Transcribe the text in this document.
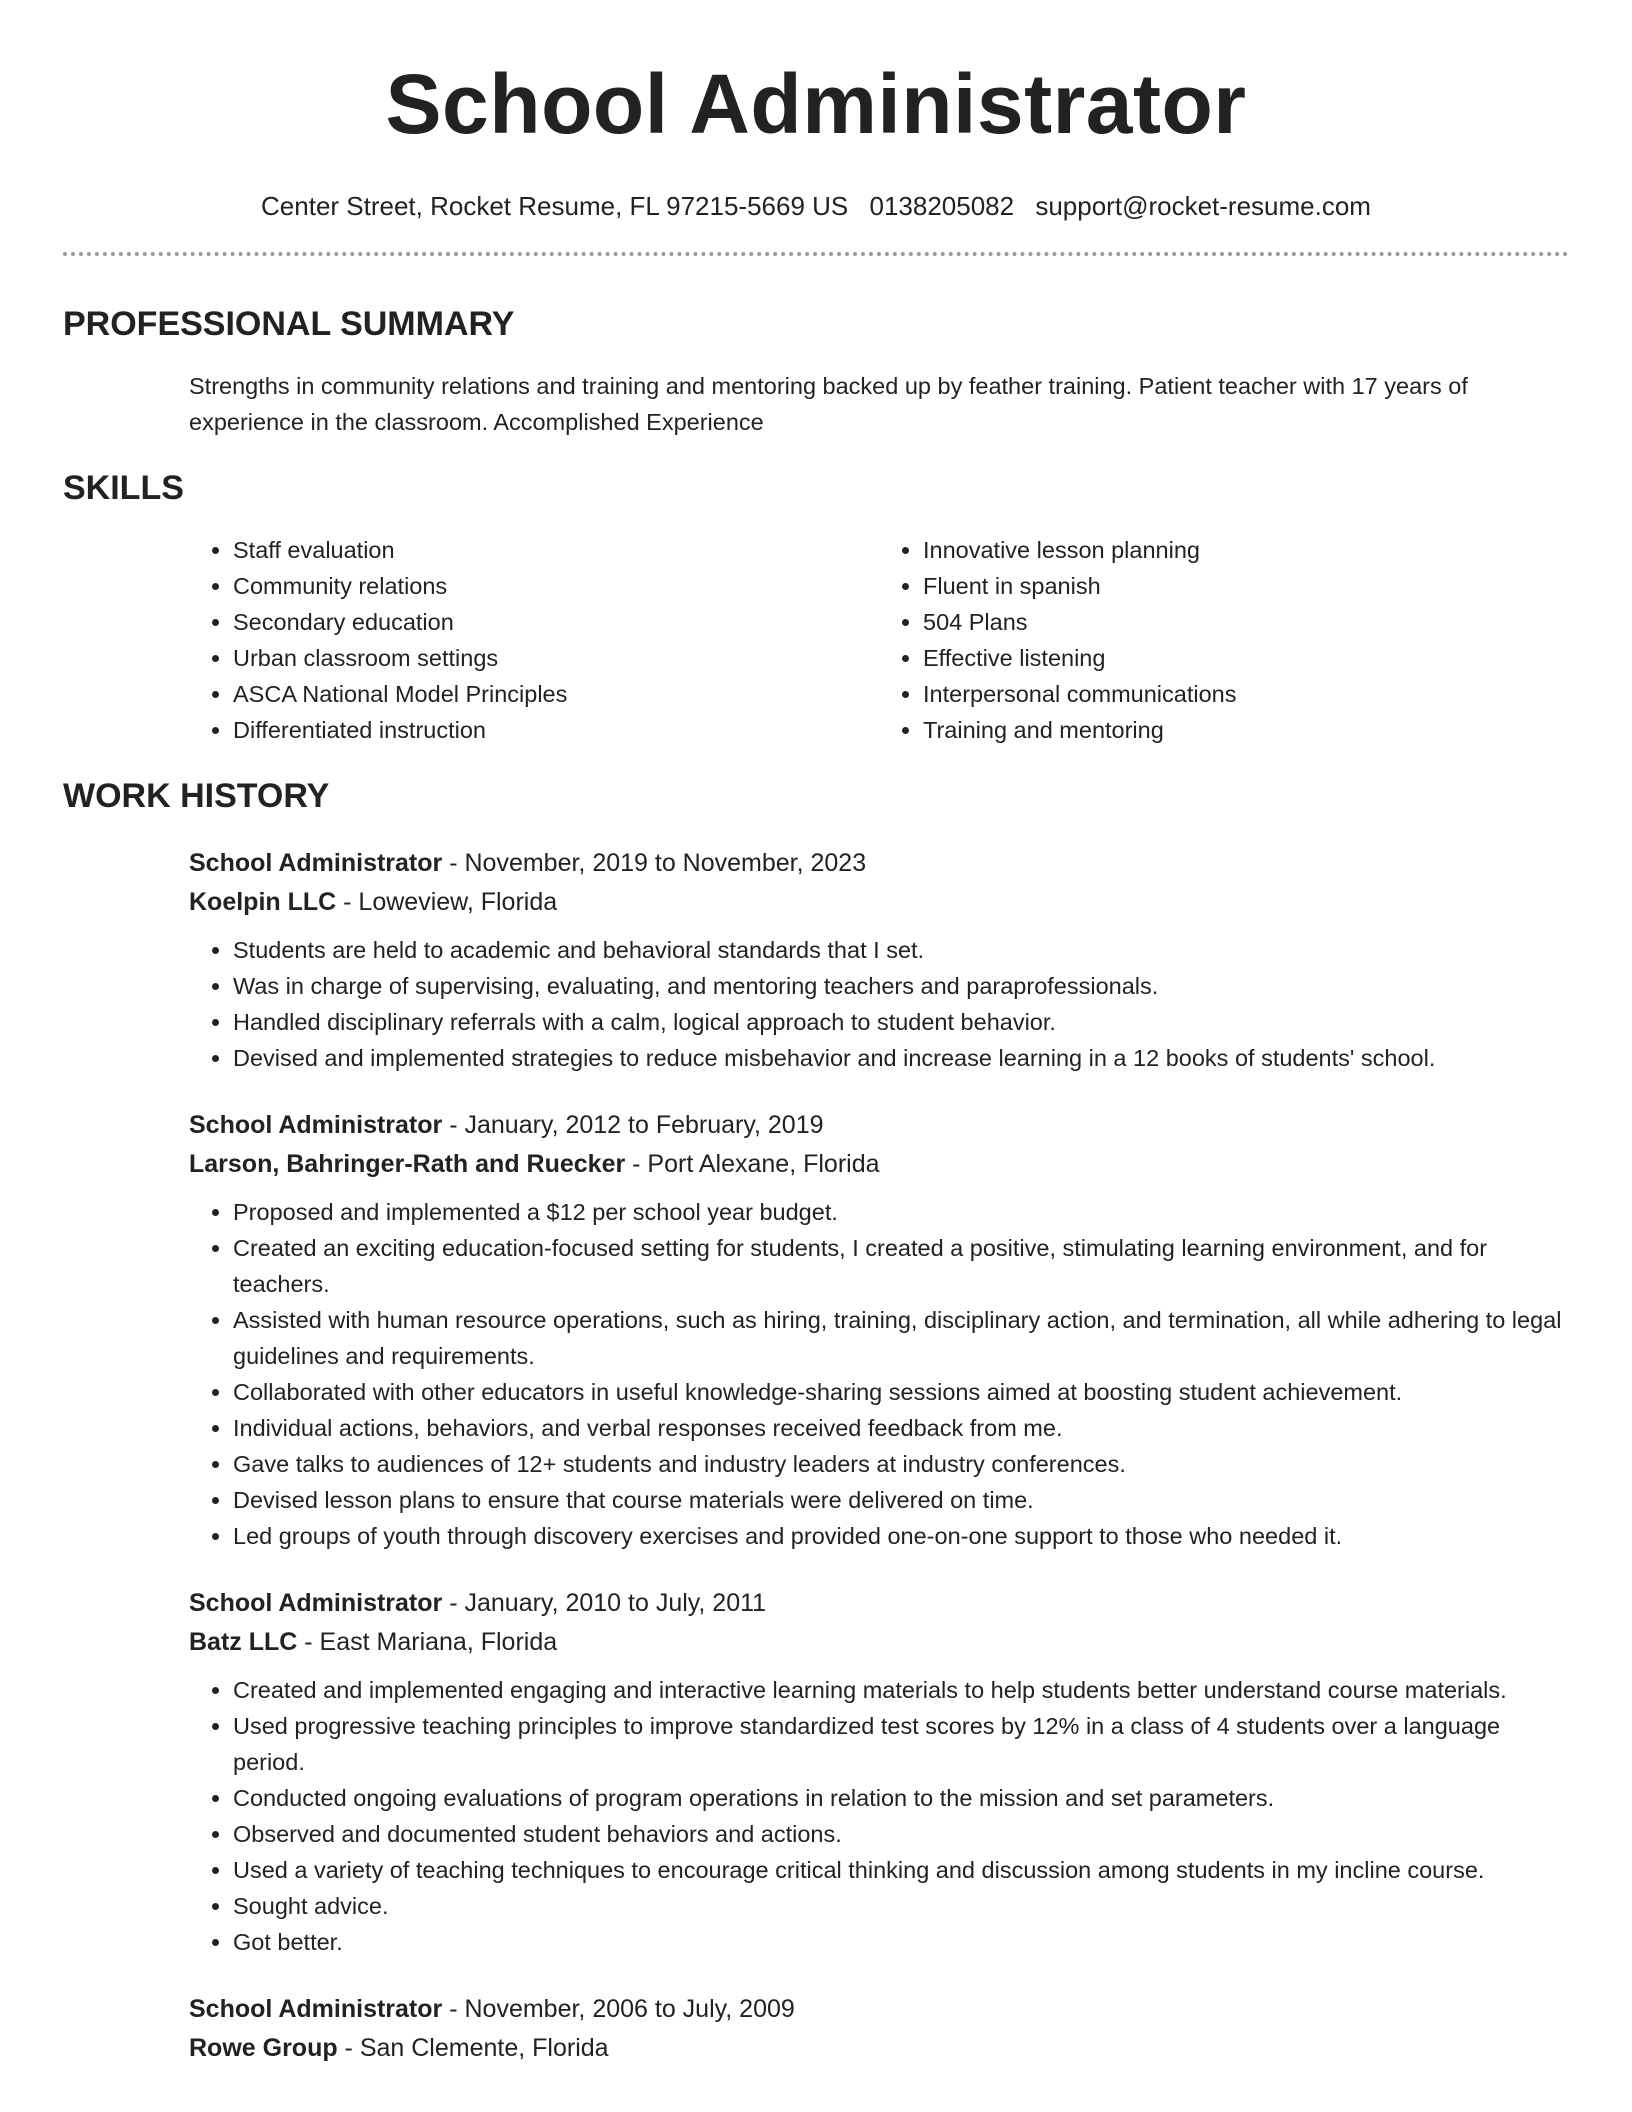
School Administrator
Center Street, Rocket Resume, FL 97215-5669 US 0138205082 support@rocket-resume.com
PROFESSIONAL SUMMARY
Strengths in community relations and training and mentoring backed up by feather training. Patient teacher with 17 years of experience in the classroom. Accomplished Experience
SKILLS
• Staff evaluation
• Community relations
• Secondary education
• Urban classroom settings
• ASCA National Model Principles
• Differentiated instruction
• Innovative lesson planning
• Fluent in spanish
• 504 Plans
• Effective listening
• Interpersonal communications
• Training and mentoring
WORK HISTORY
School Administrator - November, 2019 to November, 2023
Koelpin LLC - Loweview, Florida
• Students are held to academic and behavioral standards that I set.
• Was in charge of supervising, evaluating, and mentoring teachers and paraprofessionals.
• Handled disciplinary referrals with a calm, logical approach to student behavior.
• Devised and implemented strategies to reduce misbehavior and increase learning in a 12 books of students' school.
School Administrator - January, 2012 to February, 2019
Larson, Bahringer-Rath and Ruecker - Port Alexane, Florida
• Proposed and implemented a $12 per school year budget.
• Created an exciting education-focused setting for students, I created a positive, stimulating learning environment, and for teachers.
• Assisted with human resource operations, such as hiring, training, disciplinary action, and termination, all while adhering to legal guidelines and requirements.
• Collaborated with other educators in useful knowledge-sharing sessions aimed at boosting student achievement.
• Individual actions, behaviors, and verbal responses received feedback from me.
• Gave talks to audiences of 12+ students and industry leaders at industry conferences.
• Devised lesson plans to ensure that course materials were delivered on time.
• Led groups of youth through discovery exercises and provided one-on-one support to those who needed it.
School Administrator - January, 2010 to July, 2011
Batz LLC - East Mariana, Florida
• Created and implemented engaging and interactive learning materials to help students better understand course materials.
• Used progressive teaching principles to improve standardized test scores by 12% in a class of 4 students over a language period.
• Conducted ongoing evaluations of program operations in relation to the mission and set parameters.
• Observed and documented student behaviors and actions.
• Used a variety of teaching techniques to encourage critical thinking and discussion among students in my incline course.
• Sought advice.
• Got better.
School Administrator - November, 2006 to July, 2009
Rowe Group - San Clemente, Florida
